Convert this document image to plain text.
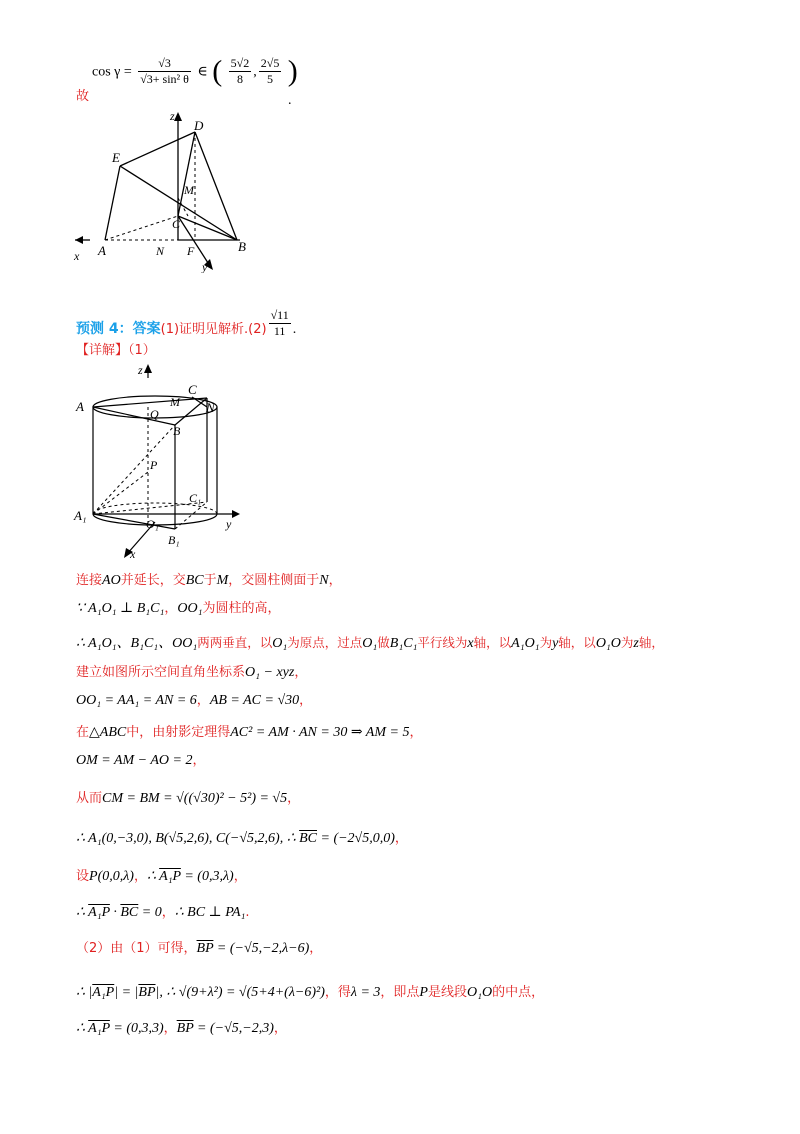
$\cos \gamma = \frac{√3}{\text{√3+ sin² θ}}$ ∈ ( $\frac{5√2}{8}$ , $\frac{2√5}{5}$ )
故	.
z
D
E
M
C
A	N F	B
x
y
预测 4：答案(1)证明见解析$.(2) \frac{√11}{11}$ .
【详解】（1）
z
A
C
M N
Q
B
P
C₁
A₁
O₁
B₁
x
y
连接AO并延长，交BC于M，交圆柱侧面于N，
∵ A₁O₁ ⊥ B₁C₁，OO₁为圆柱的高，
∴ A₁O₁、B₁C₁、OO₁两两垂直，以O₁为原点，过点O₁做B₁C₁平行线为x轴，以A₁O₁为y轴，以O₁O为z轴，
建立如图所示空间直角坐标系O₁ − xyz，
OO₁ = AA₁ = AN = 6，AB = AC = √30，
在△ABC中，由射影定理得AC² = AM · AN = 30 ⇒ AM = 5，
OM = AM − AO = 2，
从而CM = BM = √((√30)² − 5²) = √5，
∴ A₁(0,−3,0), B(√5,2,6), C(−√5,2,6), ∴ $\overline{BC} = (-2√5,0,0)$，
设P(0,0,λ)，∴ A₁P = (0,3,λ)，
∴ $A_1P \cdot \overline{BC} = 0$，∴ BC ⊥ PA₁.
（2）由（1）可得，$\overline{BP} = (-√5,-2,\lambda-6)$，
∴ $|A_1P| = |\overline{BP}|$, ∴ √(9+λ²) = √(5+4+(λ−6)²)，得λ = 3，即点P是线段O₁O的中点，
∴ A₁P = (0,3,3)，$\overline{BP} = (-√5,-2,3)$，
